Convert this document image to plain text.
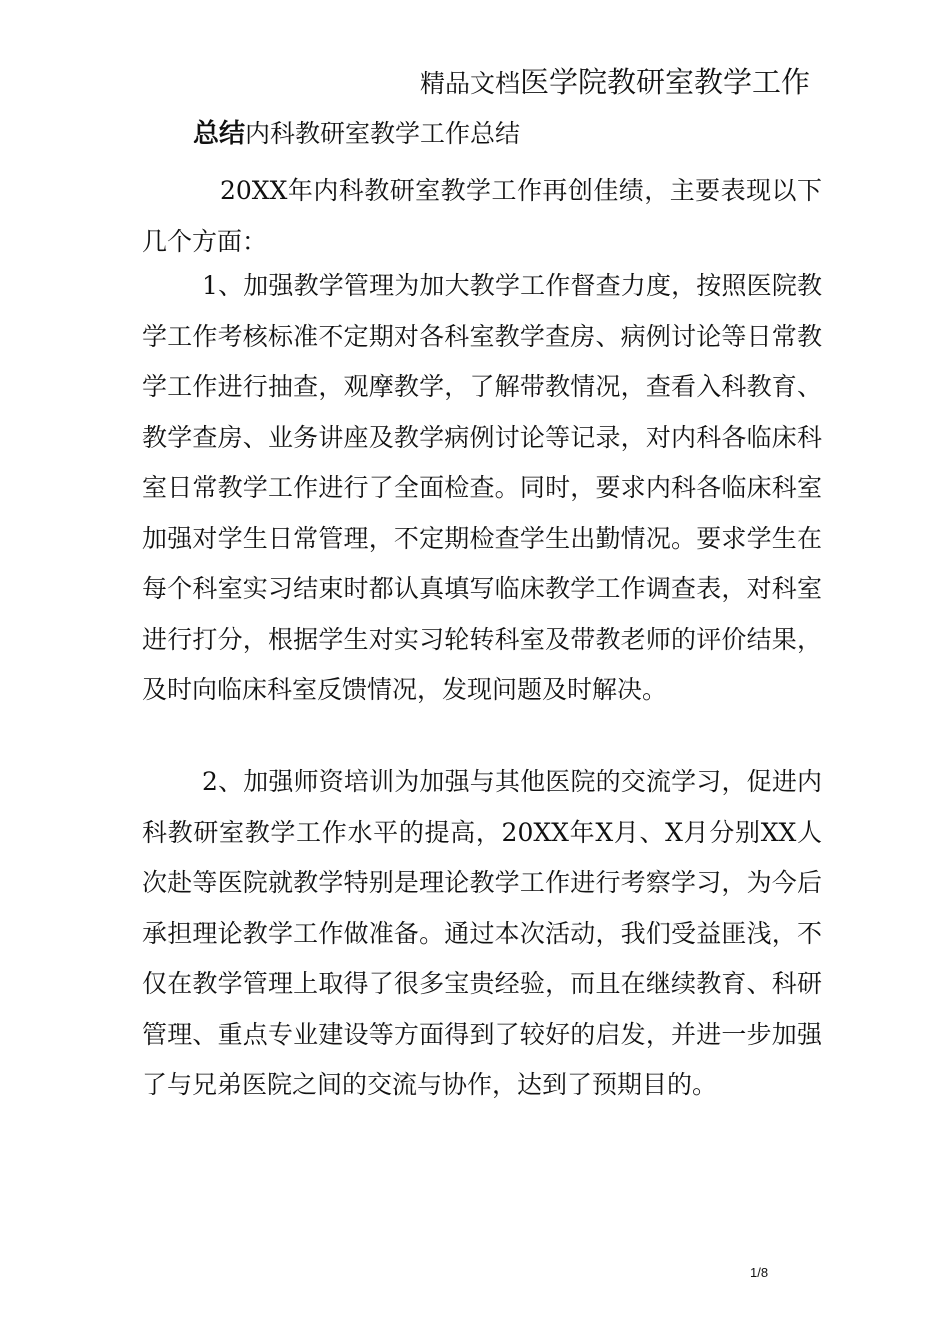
精品文档医学院教研室教学工作
总结内科教研室教学工作总结

20XX年内科教研室教学工作再创佳绩，主要表现以下几个方面：

1、加强教学管理为加大教学工作督查力度，按照医院教学工作考核标准不定期对各科室教学查房、病例讨论等日常教学工作进行抽查，观摩教学，了解带教情况，查看入科教育、教学查房、业务讲座及教学病例讨论等记录，对内科各临床科室日常教学工作进行了全面检查。同时，要求内科各临床科室加强对学生日常管理，不定期检查学生出勤情况。要求学生在每个科室实习结束时都认真填写临床教学工作调查表，对科室进行打分，根据学生对实习轮转科室及带教老师的评价结果，及时向临床科室反馈情况，发现问题及时解决。

2、加强师资培训为加强与其他医院的交流学习，促进内科教研室教学工作水平的提高，20XX年X月、X月分别XX人次赴等医院就教学特别是理论教学工作进行考察学习，为今后承担理论教学工作做准备。通过本次活动，我们受益匪浅，不仅在教学管理上取得了很多宝贵经验，而且在继续教育、科研管理、重点专业建设等方面得到了较好的启发，并进一步加强了与兄弟医院之间的交流与协作，达到了预期目的。

1/8
